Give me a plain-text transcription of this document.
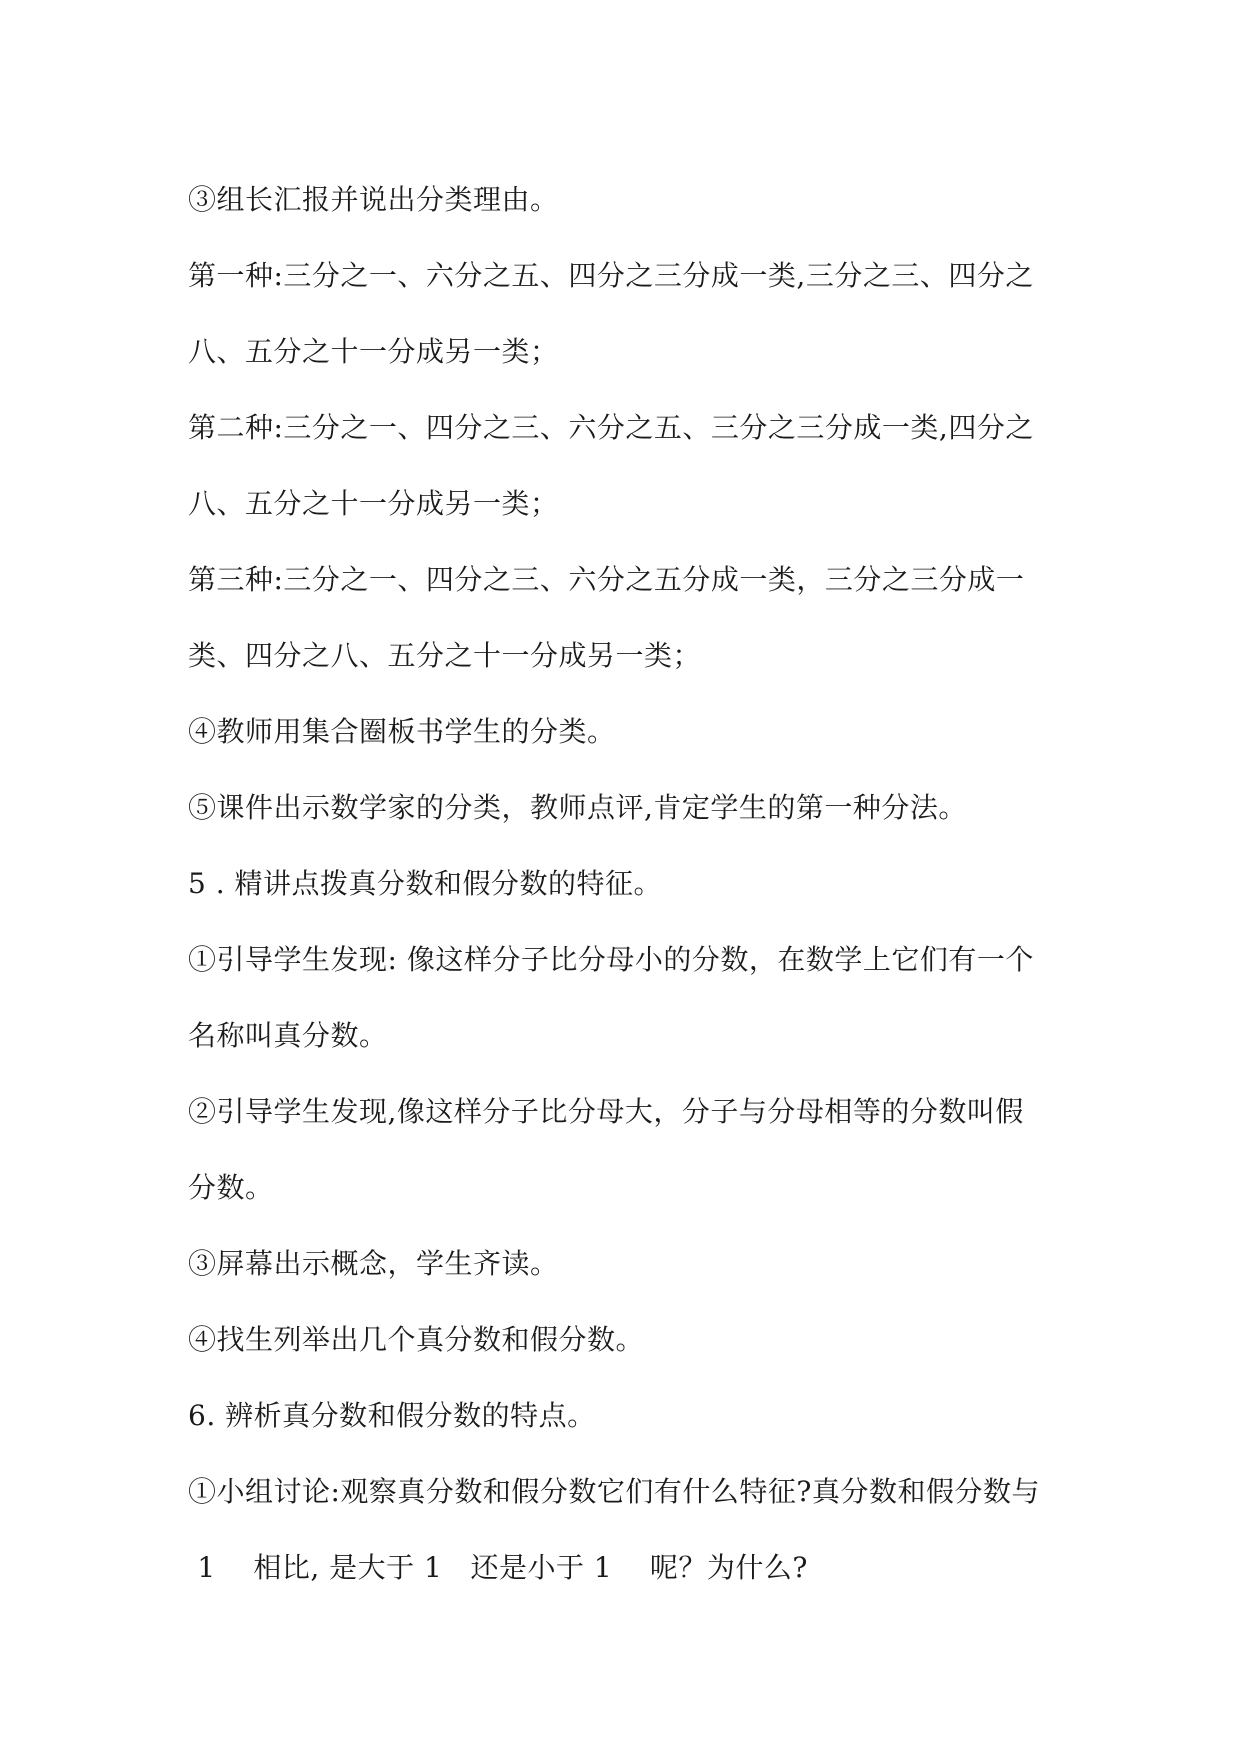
③组长汇报并说出分类理由。
第一种:三分之一、六分之五、四分之三分成一类,三分之三、四分之
八、五分之十一分成另一类；
第二种:三分之一、四分之三、六分之五、三分之三分成一类,四分之
八、五分之十一分成另一类；
第三种:三分之一、四分之三、六分之五分成一类，三分之三分成一
类、四分之八、五分之十一分成另一类；
④教师用集合圈板书学生的分类。
⑤课件出示数学家的分类，教师点评,肯定学生的第一种分法。
5 . 精讲点拨真分数和假分数的特征。
①引导学生发现: 像这样分子比分母小的分数，在数学上它们有一个
名称叫真分数。
②引导学生发现,像这样分子比分母大，分子与分母相等的分数叫假
分数。
③屏幕出示概念，学生齐读。
④找生列举出几个真分数和假分数。
6. 辨析真分数和假分数的特点。
①小组讨论:观察真分数和假分数它们有什么特征?真分数和假分数与
1    相比, 是大于 1   还是小于 1    呢？为什么?
